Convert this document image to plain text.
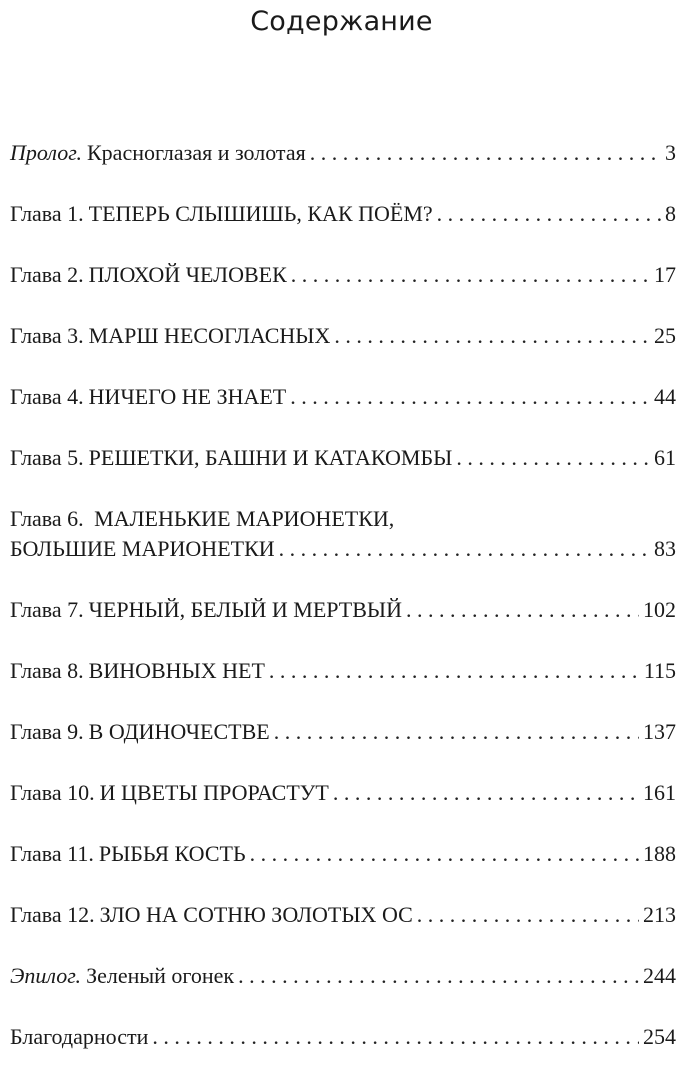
Содержание
Пролог. Красноглазая и золотая . . .	3
Глава 1. ТЕПЕРЬ СЛЫШИШЬ, КАК ПОЁМ? . . .	8
Глава 2. ПЛОХОЙ ЧЕЛОВЕК . . .	17
Глава 3. МАРШ НЕСОГЛАСНЫХ . . .	25
Глава 4. НИЧЕГО НЕ ЗНАЕТ . . .	44
Глава 5. РЕШЕТКИ, БАШНИ И КАТАКОМБЫ . . .	61
Глава 6. МАЛЕНЬКИЕ МАРИОНЕТКИ,
БОЛЬШИЕ МАРИОНЕТКИ . . .	83
Глава 7. ЧЕРНЫЙ, БЕЛЫЙ И МЕРТВЫЙ . . .	102
Глава 8. ВИНОВНЫХ НЕТ . . .	115
Глава 9. В ОДИНОЧЕСТВЕ . . .	137
Глава 10. И ЦВЕТЫ ПРОРАСТУТ . . .	161
Глава 11. РЫБЬЯ КОСТЬ . . .	188
Глава 12. ЗЛО НА СОТНЮ ЗОЛОТЫХ ОС . . .	213
Эпилог. Зеленый огонек . . .	244
Благодарности . . .	254
